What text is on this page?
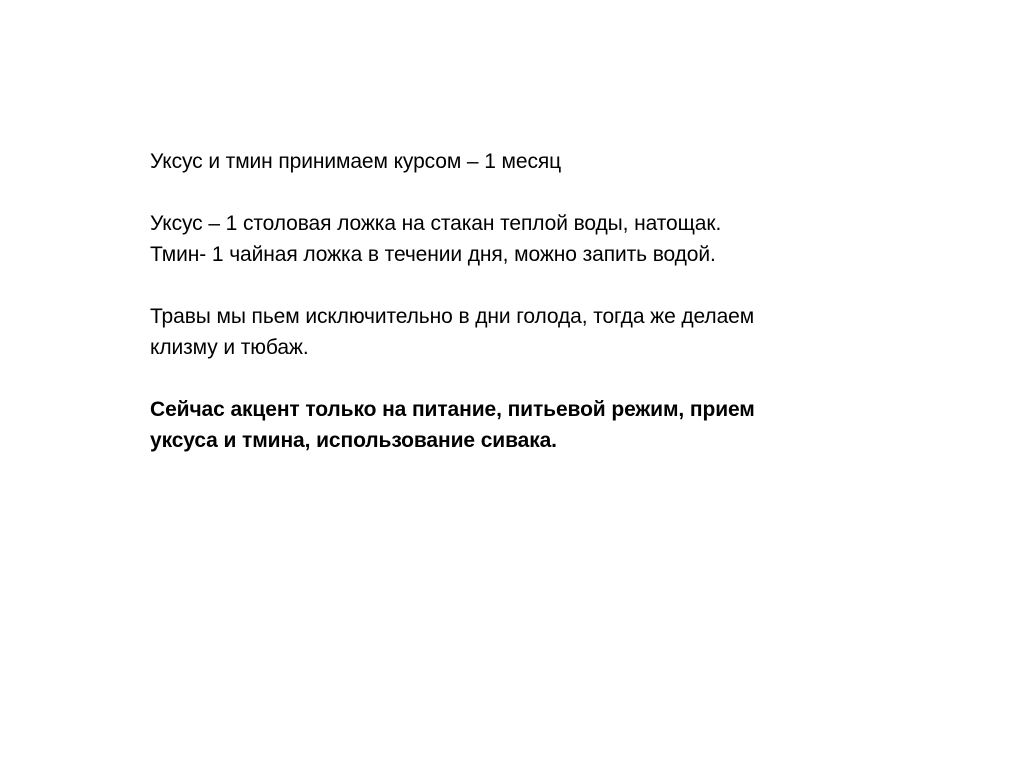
Уксус и тмин принимаем курсом – 1 месяц
Уксус – 1 столовая ложка на стакан теплой воды, натощак.
Тмин- 1 чайная ложка в течении дня, можно запить водой.
Травы мы пьем исключительно в дни голода, тогда же делаем
клизму и тюбаж.
Сейчас акцент только на питание, питьевой режим, прием
уксуса и тмина, использование сивака.
